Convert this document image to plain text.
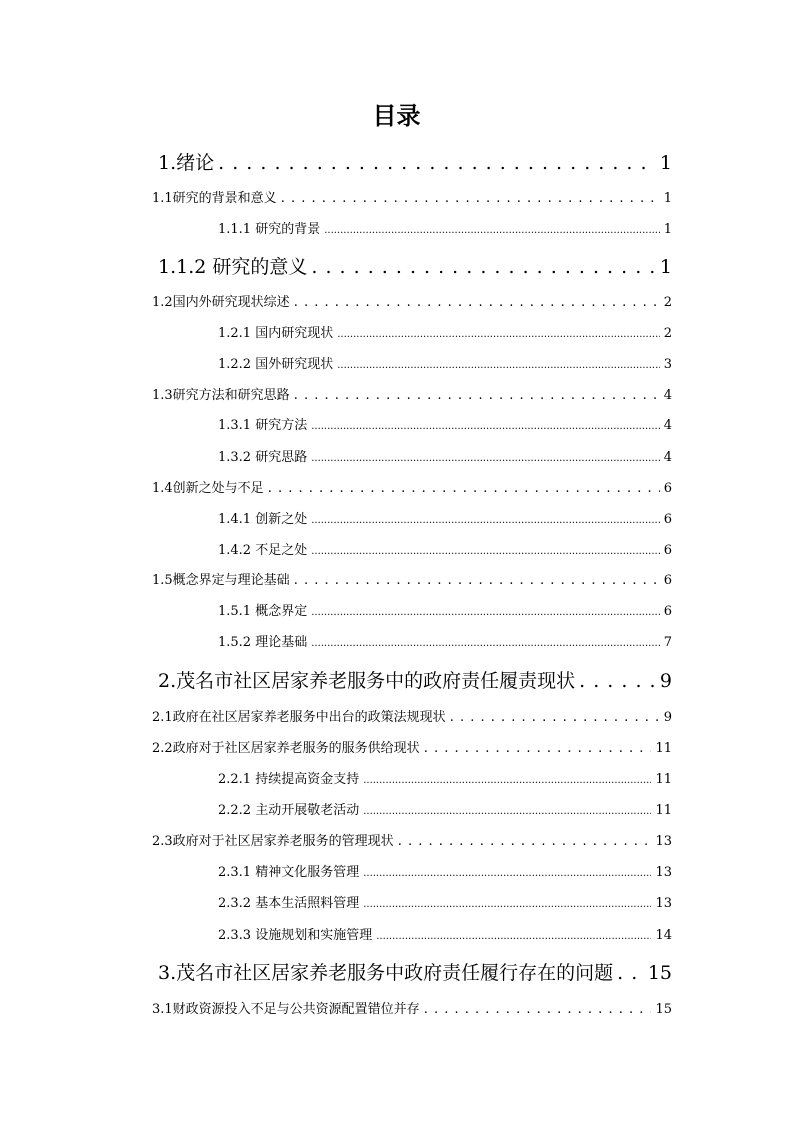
目录
1.绪论 . . .	1
1.1研究的背景和意义 . . .	1
1.1.1 研究的背景 .....	1
1.1.2 研究的意义 . . .	1
1.2国内外研究现状综述 . . .	2
1.2.1 国内研究现状 .....	2
1.2.2 国外研究现状 .....	3
1.3研究方法和研究思路 . . .	4
1.3.1 研究方法 .....	4
1.3.2 研究思路 .....	4
1.4创新之处与不足 . . .	6
1.4.1 创新之处 .....	6
1.4.2 不足之处 .....	6
1.5概念界定与理论基础 . . .	6
1.5.1 概念界定 .....	6
1.5.2 理论基础 .....	7
2.茂名市社区居家养老服务中的政府责任履责现状 . . .	9
2.1政府在社区居家养老服务中出台的政策法规现状 . . .	9
2.2政府对于社区居家养老服务的服务供给现状 . . .	11
2.2.1 持续提高资金支持 .....	11
2.2.2 主动开展敬老活动 .....	11
2.3政府对于社区居家养老服务的管理现状 . . .	13
2.3.1 精神文化服务管理 .....	13
2.3.2 基本生活照料管理 .....	13
2.3.3 设施规划和实施管理 .....	14
3.茂名市社区居家养老服务中政府责任履行存在的问题 . . . 15
3.1财政资源投入不足与公共资源配置错位并存 . . .	15
